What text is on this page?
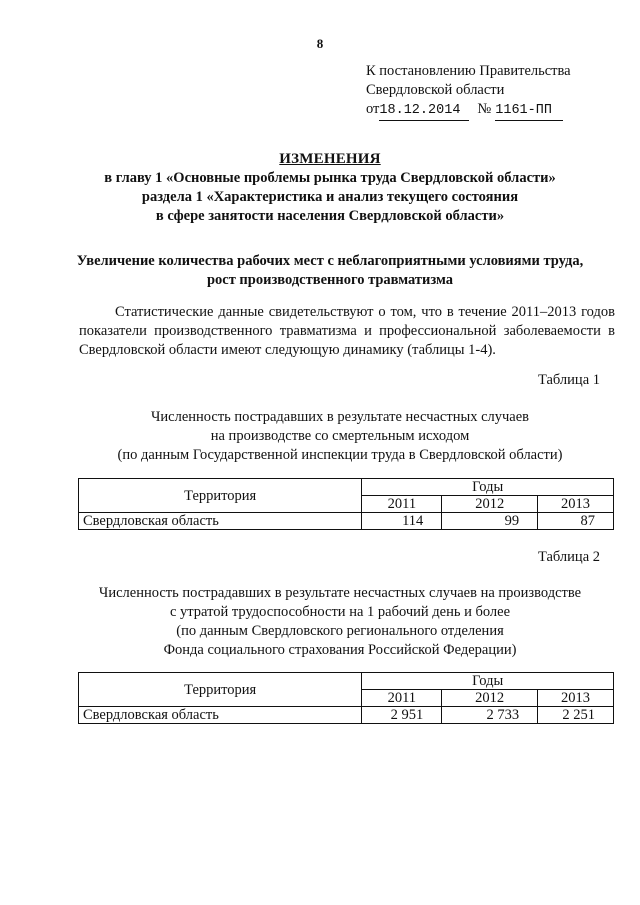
8
К постановлению Правительства
Свердловской области
от18.12.2014 № 1161-ПП
ИЗМЕНЕНИЯ
в главу 1 «Основные проблемы рынка труда Свердловской области»
раздела 1 «Характеристика и анализ текущего состояния
в сфере занятости населения Свердловской области»
Увеличение количества рабочих мест с неблагоприятными условиями труда,
рост производственного травматизма
Статистические данные свидетельствуют о том, что в течение 2011–2013 годов показатели производственного травматизма и профессиональной заболеваемости в Свердловской области имеют следующую динамику (таблицы 1-4).
Таблица 1
Численность пострадавших в результате несчастных случаев
на производстве со смертельным исходом
(по данным Государственной инспекции труда в Свердловской области)
Территория	Годы		
	2011	2012	2013
Свердловская область	114	99	87
Таблица 2
Численность пострадавших в результате несчастных случаев на производстве
с утратой трудоспособности на 1 рабочий день и более
(по данным Свердловского регионального отделения
Фонда социального страхования Российской Федерации)
Территория	Годы		
	2011	2012	2013
Свердловская область	2 951	2 733	2 251
